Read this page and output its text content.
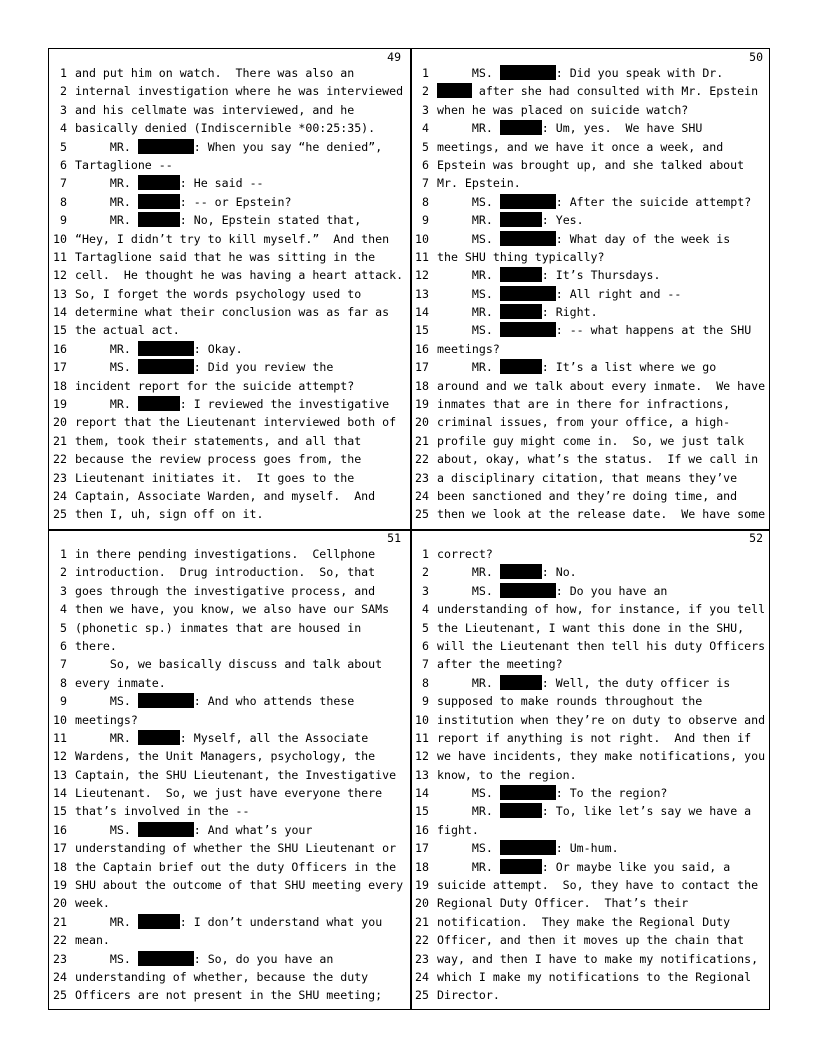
49
1 and put him on watch.  There was also an
2 internal investigation where he was interviewed
3 and his cellmate was interviewed, and he
4 basically denied (Indiscernible *00:25:35).
5 MR.	: When you say “he denied”,
6 Tartaglione --
7 MR.	: He said --
8 MR.	: -- or Epstein?
9 MR.	: No, Epstein stated that,
10 “Hey, I didn’t try to kill myself.”  And then
11 Tartaglione said that he was sitting in the
12 cell.  He thought he was having a heart attack.
13 So, I forget the words psychology used to
14 determine what their conclusion was as far as
15 the actual act.
16 MR.	: Okay.
17 MS.	: Did you review the
18 incident report for the suicide attempt?
19 MR.	: I reviewed the investigative
20 report that the Lieutenant interviewed both of
21 them, took their statements, and all that
22 because the review process goes from, the
23 Lieutenant initiates it.  It goes to the
24 Captain, Associate Warden, and myself.  And
25 then I, uh, sign off on it.
50
1 MS.	: Did you speak with Dr.
2	after she had consulted with Mr. Epstein
3 when he was placed on suicide watch?
4 MR.	: Um, yes.  We have SHU
5 meetings, and we have it once a week, and
6 Epstein was brought up, and she talked about
7 Mr. Epstein.
8 MS.	: After the suicide attempt?
9 MR.	: Yes.
10 MS.	: What day of the week is
11 the SHU thing typically?
12 MR.	: It’s Thursdays.
13 MS.	: All right and --
14 MR.	: Right.
15 MS.	: -- what happens at the SHU
16 meetings?
17 MR.	: It’s a list where we go
18 around and we talk about every inmate.  We have
19 inmates that are in there for infractions,
20 criminal issues, from your office, a high-
21 profile guy might come in.  So, we just talk
22 about, okay, what’s the status.  If we call in
23 a disciplinary citation, that means they’ve
24 been sanctioned and they’re doing time, and
25 then we look at the release date.  We have some
51
1 in there pending investigations.  Cellphone
2 introduction.  Drug introduction.  So, that
3 goes through the investigative process, and
4 then we have, you know, we also have our SAMs
5 (phonetic sp.) inmates that are housed in
6 there.
7 So, we basically discuss and talk about
8 every inmate.
9 MS.	: And who attends these
10 meetings?
11 MR.	: Myself, all the Associate
12 Wardens, the Unit Managers, psychology, the
13 Captain, the SHU Lieutenant, the Investigative
14 Lieutenant.  So, we just have everyone there
15 that’s involved in the --
16 MS.	: And what’s your
17 understanding of whether the SHU Lieutenant or
18 the Captain brief out the duty Officers in the
19 SHU about the outcome of that SHU meeting every
20 week.
21 MR.	: I don’t understand what you
22 mean.
23 MS.	: So, do you have an
24 understanding of whether, because the duty
25 Officers are not present in the SHU meeting;
52
1 correct?
2 MR.	: No.
3 MS.	: Do you have an
4 understanding of how, for instance, if you tell
5 the Lieutenant, I want this done in the SHU,
6 will the Lieutenant then tell his duty Officers
7 after the meeting?
8 MR.	: Well, the duty officer is
9 supposed to make rounds throughout the
10 institution when they’re on duty to observe and
11 report if anything is not right.  And then if
12 we have incidents, they make notifications, you
13 know, to the region.
14 MS.	: To the region?
15 MR.	: To, like let’s say we have a
16 fight.
17 MS.	: Um-hum.
18 MR.	: Or maybe like you said, a
19 suicide attempt.  So, they have to contact the
20 Regional Duty Officer.  That’s their
21 notification.  They make the Regional Duty
22 Officer, and then it moves up the chain that
23 way, and then I have to make my notifications,
24 which I make my notifications to the Regional
25 Director.
